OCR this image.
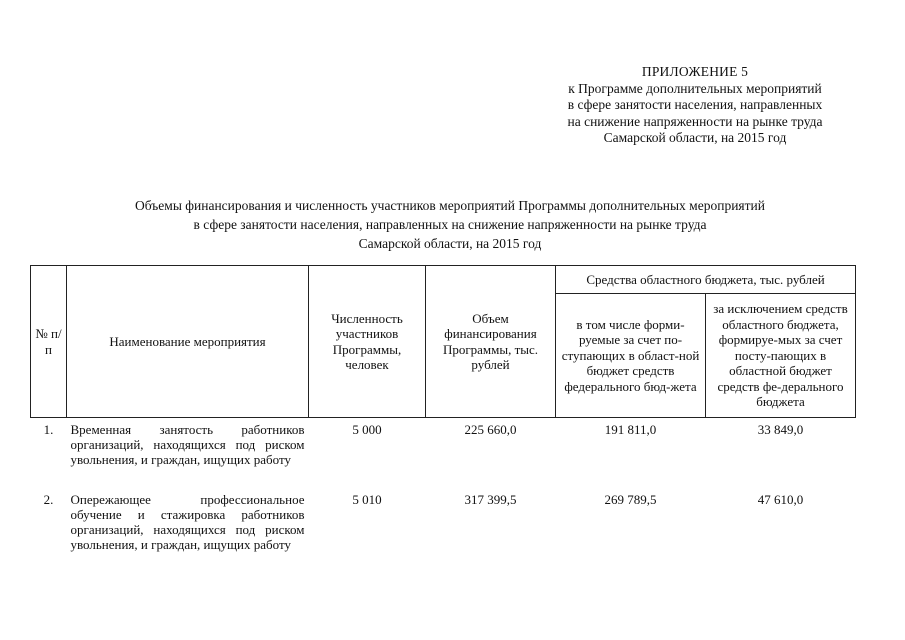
ПРИЛОЖЕНИЕ 5
к Программе дополнительных мероприятий
в сфере занятости населения, направленных
на снижение напряженности на рынке труда
Самарской области, на 2015 год
Объемы финансирования и численность участников мероприятий Программы дополнительных мероприятий
в сфере занятости населения, направленных на снижение напряженности на рынке труда
Самарской области, на 2015 год
№ п/п	Наименование мероприятия	Численность участников Программы, человек	Объем финансирования Программы, тыс. рублей	Средства областного бюджета, тыс. рублей	
				в том числе форми-руемые за счет по-ступающих в област-ной бюджет средств федерального бюд-жета	за исключением средств областного бюджета, формируе-мых за счет посту-пающих в областной бюджет средств фе-дерального бюджета
1.	Временная занятость работников организаций, находящихся под риском увольнения, и граждан, ищущих работу	5 000	225 660,0	191 811,0	33 849,0
2.	Опережающее профессиональное обучение и стажировка работников организаций, находящихся под риском увольнения, и граждан, ищущих работу	5 010	317 399,5	269 789,5	47 610,0
